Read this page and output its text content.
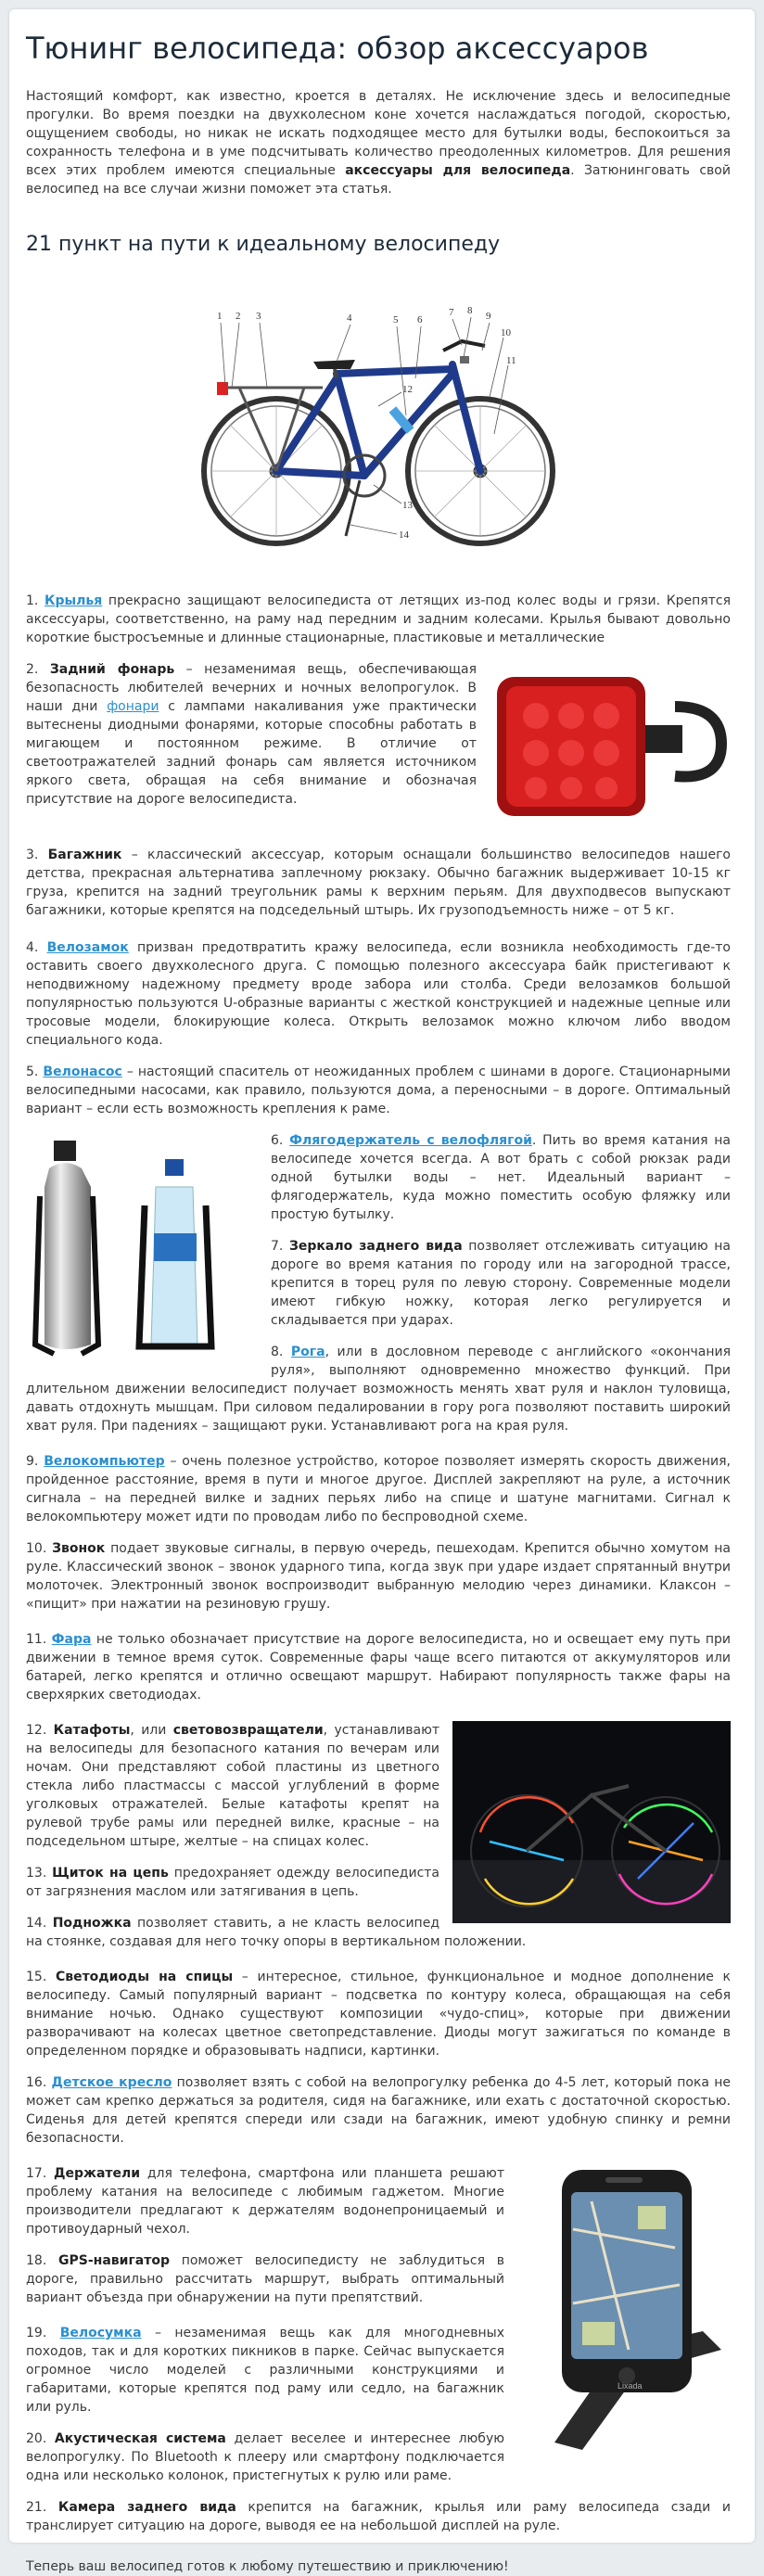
Тюнинг велосипеда: обзор аксессуаров

Настоящий комфорт, как известно, кроется в деталях. Не исключение здесь и велосипедные прогулки. Во время поездки на двухколесном коне хочется наслаждаться погодой, скоростью, ощущением свободы, но никак не искать подходящее место для бутылки воды, беспокоиться за сохранность телефона и в уме подсчитывать количество преодоленных километров. Для решения всех этих проблем имеются специальные аксессуары для велосипеда. Затюнинговать свой велосипед на все случаи жизни поможет эта статья.

21 пункт на пути к идеальному велосипеду
1 2 3	4	5 6
7 8 9
10
11
12
13
14

1. Крылья прекрасно защищают велосипедиста от летящих из-под колес воды и грязи. Крепятся аксессуары, соответственно, на раму над передним и задним колесами. Крылья бывают довольно короткие быстросъемные и длинные стационарные, пластиковые и металлические

2. Задний фонарь – незаменимая вещь, обеспечивающая безопасность любителей вечерних и ночных велопрогулок. В наши дни фонари с лампами накаливания уже практически вытеснены диодными фонарями, которые способны работать в мигающем и постоянном режиме. В отличие от светоотражателей задний фонарь сам является источником яркого света, обращая на себя внимание и обозначая присутствие на дороге велосипедиста.

3. Багажник – классический аксессуар, которым оснащали большинство велосипедов нашего детства, прекрасная альтернатива заплечному рюкзаку. Обычно багажник выдерживает 10-15 кг груза, крепится на задний треугольник рамы к верхним перьям. Для двухподвесов выпускают багажники, которые крепятся на подседельный штырь. Их грузоподъемность ниже – от 5 кг.

4. Велозамок призван предотвратить кражу велосипеда, если возникла необходимость где-то оставить своего двухколесного друга. С помощью полезного аксессуара байк пристегивают к неподвижному надежному предмету вроде забора или столба. Среди велозамков большой популярностью пользуются U-образные варианты с жесткой конструкцией и надежные цепные или тросовые модели, блокирующие колеса. Открыть велозамок можно ключом либо вводом специального кода.

5. Велонасос – настоящий спаситель от неожиданных проблем с шинами в дороге. Стационарными велосипедными насосами, как правило, пользуются дома, а переносными – в дороге. Оптимальный вариант – если есть возможность крепления к раме.

6. Флягодержатель с велофлягой. Пить во время катания на велосипеде хочется всегда. А вот брать с собой рюкзак ради одной бутылки воды – нет. Идеальный вариант – флягодержатель, куда можно поместить особую фляжку или простую бутылку.

7. Зеркало заднего вида позволяет отслеживать ситуацию на дороге во время катания по городу или на загородной трассе, крепится в торец руля по левую сторону. Современные модели имеют гибкую ножку, которая легко регулируется и складывается при ударах.

8. Рога, или в дословном переводе с английского «окончания руля», выполняют одновременно множество функций. При длительном движении велосипедист получает возможность менять хват руля и наклон туловища, давать отдохнуть мышцам. При силовом педалировании в гору рога позволяют поставить широкий хват руля. При падениях – защищают руки. Устанавливают рога на края руля.

9. Велокомпьютер – очень полезное устройство, которое позволяет измерять скорость движения, пройденное расстояние, время в пути и многое другое. Дисплей закрепляют на руле, а источник сигнала – на передней вилке и задних перьях либо на спице и шатуне магнитами. Сигнал к велокомпьютеру может идти по проводам либо по беспроводной схеме.

10. Звонок подает звуковые сигналы, в первую очередь, пешеходам. Крепится обычно хомутом на руле. Классический звонок – звонок ударного типа, когда звук при ударе издает спрятанный внутри молоточек. Электронный звонок воспроизводит выбранную мелодию через динамики. Клаксон – «пищит» при нажатии на резиновую грушу.

11. Фара не только обозначает присутствие на дороге велосипедиста, но и освещает ему путь при движении в темное время суток. Современные фары чаще всего питаются от аккумуляторов или батарей, легко крепятся и отлично освещают маршрут. Набирают популярность также фары на сверхярких светодиодах.

12. Катафоты, или световозвращатели, устанавливают на велосипеды для безопасного катания по вечерам или ночам. Они представляют собой пластины из цветного стекла либо пластмассы с массой углублений в форме уголковых отражателей. Белые катафоты крепят на рулевой трубе рамы или передней вилке, красные – на подседельном штыре, желтые – на спицах колес.

13. Щиток на цепь предохраняет одежду велосипедиста от загрязнения маслом или затягивания в цепь.

14. Подножка позволяет ставить, а не класть велосипед на стоянке, создавая для него точку опоры в вертикальном положении.

15. Светодиоды на спицы – интересное, стильное, функциональное и модное дополнение к велосипеду. Самый популярный вариант – подсветка по контуру колеса, обращающая на себя внимание ночью. Однако существуют композиции «чудо-спиц», которые при движении разворачивают на колесах цветное светопредставление. Диоды могут зажигаться по команде в определенном порядке и образовывать надписи, картинки.

16. Детское кресло позволяет взять с собой на велопрогулку ребенка до 4-5 лет, который пока не может сам крепко держаться за родителя, сидя на багажнике, или ехать с достаточной скоростью. Сиденья для детей крепятся спереди или сзади на багажник, имеют удобную спинку и ремни безопасности.

Lixada

17. Держатели для телефона, смартфона или планшета решают проблему катания на велосипеде с любимым гаджетом. Многие производители предлагают к держателям водонепроницаемый и противоударный чехол.

18. GPS-навигатор поможет велосипедисту не заблудиться в дороге, правильно рассчитать маршрут, выбрать оптимальный вариант объезда при обнаружении на пути препятствий.

19. Велосумка – незаменимая вещь как для многодневных походов, так и для коротких пикников в парке. Сейчас выпускается огромное число моделей с различными конструкциями и габаритами, которые крепятся под раму или седло, на багажник или руль.

20. Акустическая система делает веселее и интереснее любую велопрогулку. По Bluetooth к плееру или смартфону подключается одна или несколько колонок, пристегнутых к рулю или раме.

21. Камера заднего вида крепится на багажник, крылья или раму велосипеда сзади и транслирует ситуацию на дороге, выводя ее на небольшой дисплей на руле.

Теперь ваш велосипед готов к любому путешествию и приключению!
